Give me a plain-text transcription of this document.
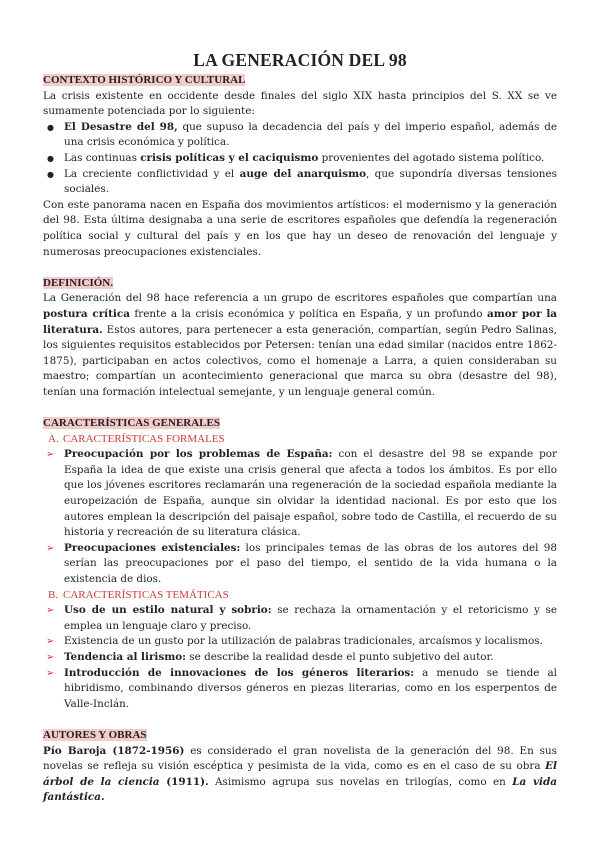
LA GENERACIÓN DEL 98
CONTEXTO HISTÓRICO Y CULTURAL

La crisis existente en occidente desde finales del siglo XIX hasta principios del S. XX se ve sumamente potenciada por lo siguiente:

● El Desastre del 98, que supuso la decadencia del país y del imperio español, además de una crisis económica y política.
● Las continuas crisis políticas y el caciquismo provenientes del agotado sistema político.
● La creciente conflictividad y el auge del anarquismo, que supondría diversas tensiones sociales.

Con este panorama nacen en España dos movimientos artísticos: el modernismo y la generación del 98. Esta última designaba a una serie de escritores españoles que defendía la regeneración política social y cultural del país y en los que hay un deseo de renovación del lenguaje y numerosas preocupaciones existenciales.

DEFINICIÓN.

La Generación del 98 hace referencia a un grupo de escritores españoles que compartían una postura crítica frente a la crisis económica y política en España, y un profundo amor por la literatura. Estos autores, para pertenecer a esta generación, compartían, según Pedro Salinas, los siguientes requisitos establecidos por Petersen: tenían una edad similar (nacidos entre 1862-1875), participaban en actos colectivos, como el homenaje a Larra, a quien consideraban su maestro; compartían un acontecimiento generacional que marca su obra (desastre del 98), tenían una formación intelectual semejante, y un lenguaje general común.

CARACTERÍSTICAS GENERALES
A. CARACTERÍSTICAS FORMALES
➢ Preocupación por los problemas de España: con el desastre del 98 se expande por España la idea de que existe una crisis general que afecta a todos los ámbitos. Es por ello que los jóvenes escritores reclamarán una regeneración de la sociedad española mediante la europeización de España, aunque sin olvidar la identidad nacional. Es por esto que los autores emplean la descripción del paisaje español, sobre todo de Castilla, el recuerdo de su historia y recreación de su literatura clásica.
➢ Preocupaciones existenciales: los principales temas de las obras de los autores del 98 serían las preocupaciones por el paso del tiempo, el sentido de la vida humana o la existencia de dios.
B. CARACTERÍSTICAS TEMÁTICAS
➢ Uso de un estilo natural y sobrio: se rechaza la ornamentación y el retoricismo y se emplea un lenguaje claro y preciso.
➢ Existencia de un gusto por la utilización de palabras tradicionales, arcaísmos y localismos.
➢ Tendencia al lirismo: se describe la realidad desde el punto subjetivo del autor.
➢ Introducción de innovaciones de los géneros literarios: a menudo se tiende al hibridismo, combinando diversos géneros en piezas literarias, como en los esperpentos de Valle-Inclán.
AUTORES Y OBRAS

Pío Baroja (1872-1956) es considerado el gran novelista de la generación del 98. En sus novelas se refleja su visión escéptica y pesimista de la vida, como es en el caso de su obra El árbol de la ciencia (1911). Asimismo agrupa sus novelas en trilogías, como en La vida fantástica.
